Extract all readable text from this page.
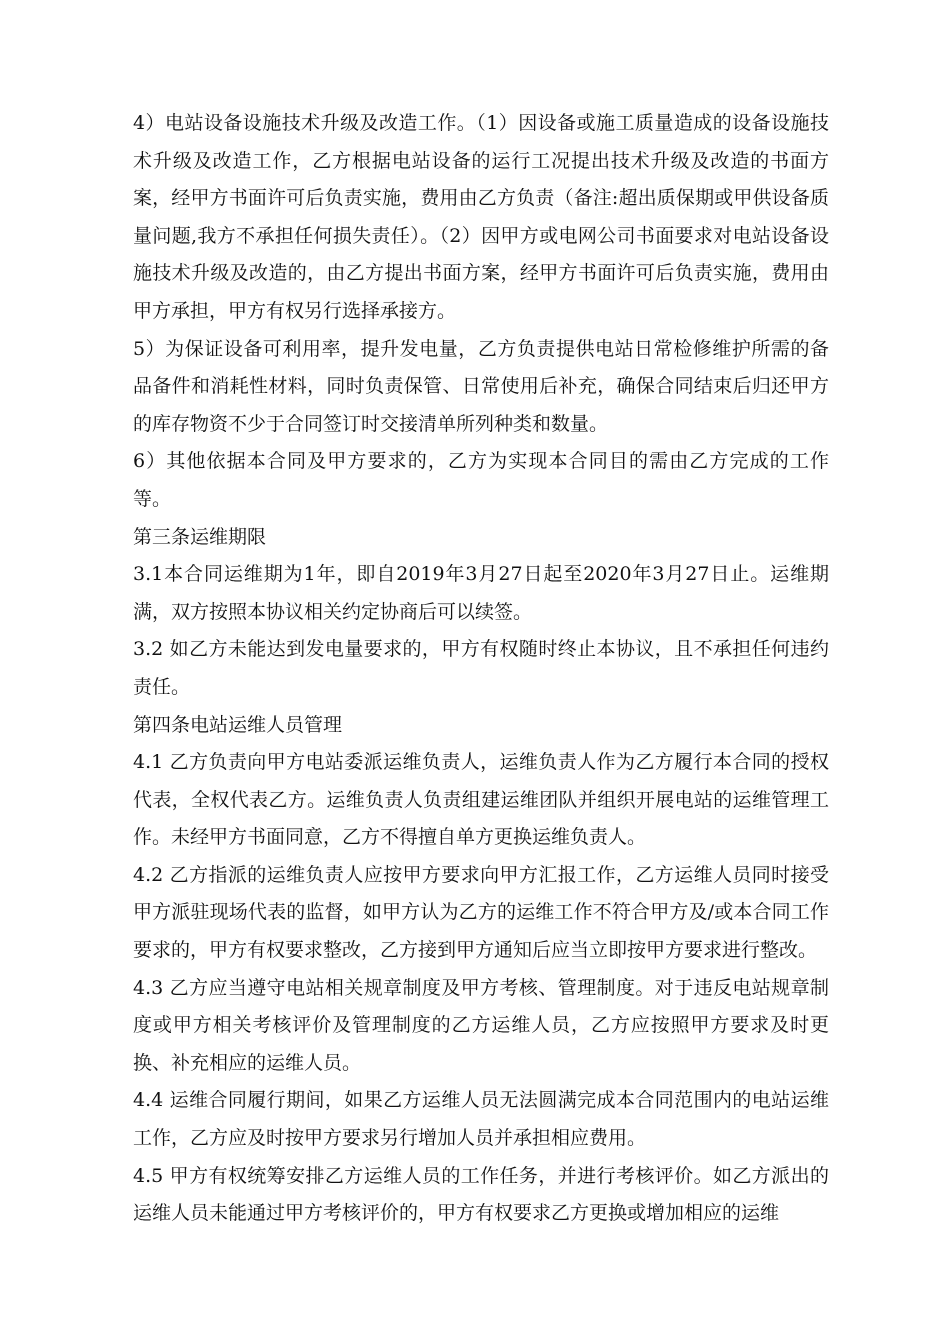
4）电站设备设施技术升级及改造工作。（1）因设备或施工质量造成的设备设施技术升级及改造工作，乙方根据电站设备的运行工况提出技术升级及改造的书面方案，经甲方书面许可后负责实施，费用由乙方负责（备注:超出质保期或甲供设备质量问题,我方不承担任何损失责任）。（2）因甲方或电网公司书面要求对电站设备设施技术升级及改造的，由乙方提出书面方案，经甲方书面许可后负责实施，费用由甲方承担，甲方有权另行选择承接方。

5）为保证设备可利用率，提升发电量，乙方负责提供电站日常检修维护所需的备品备件和消耗性材料，同时负责保管、日常使用后补充，确保合同结束后归还甲方的库存物资不少于合同签订时交接清单所列种类和数量。

6）其他依据本合同及甲方要求的，乙方为实现本合同目的需由乙方完成的工作等。

第三条运维期限

3.1本合同运维期为1年，即自2019年3月27日起至2020年3月27日止。运维期满，双方按照本协议相关约定协商后可以续签。

3.2 如乙方未能达到发电量要求的，甲方有权随时终止本协议，且不承担任何违约责任。

第四条电站运维人员管理

4.1 乙方负责向甲方电站委派运维负责人，运维负责人作为乙方履行本合同的授权代表，全权代表乙方。运维负责人负责组建运维团队并组织开展电站的运维管理工作。未经甲方书面同意，乙方不得擅自单方更换运维负责人。

4.2 乙方指派的运维负责人应按甲方要求向甲方汇报工作，乙方运维人员同时接受甲方派驻现场代表的监督，如甲方认为乙方的运维工作不符合甲方及/或本合同工作要求的，甲方有权要求整改，乙方接到甲方通知后应当立即按甲方要求进行整改。

4.3 乙方应当遵守电站相关规章制度及甲方考核、管理制度。对于违反电站规章制度或甲方相关考核评价及管理制度的乙方运维人员，乙方应按照甲方要求及时更换、补充相应的运维人员。

4.4 运维合同履行期间，如果乙方运维人员无法圆满完成本合同范围内的电站运维工作，乙方应及时按甲方要求另行增加人员并承担相应费用。

4.5 甲方有权统筹安排乙方运维人员的工作任务，并进行考核评价。如乙方派出的运维人员未能通过甲方考核评价的，甲方有权要求乙方更换或增加相应的运维
